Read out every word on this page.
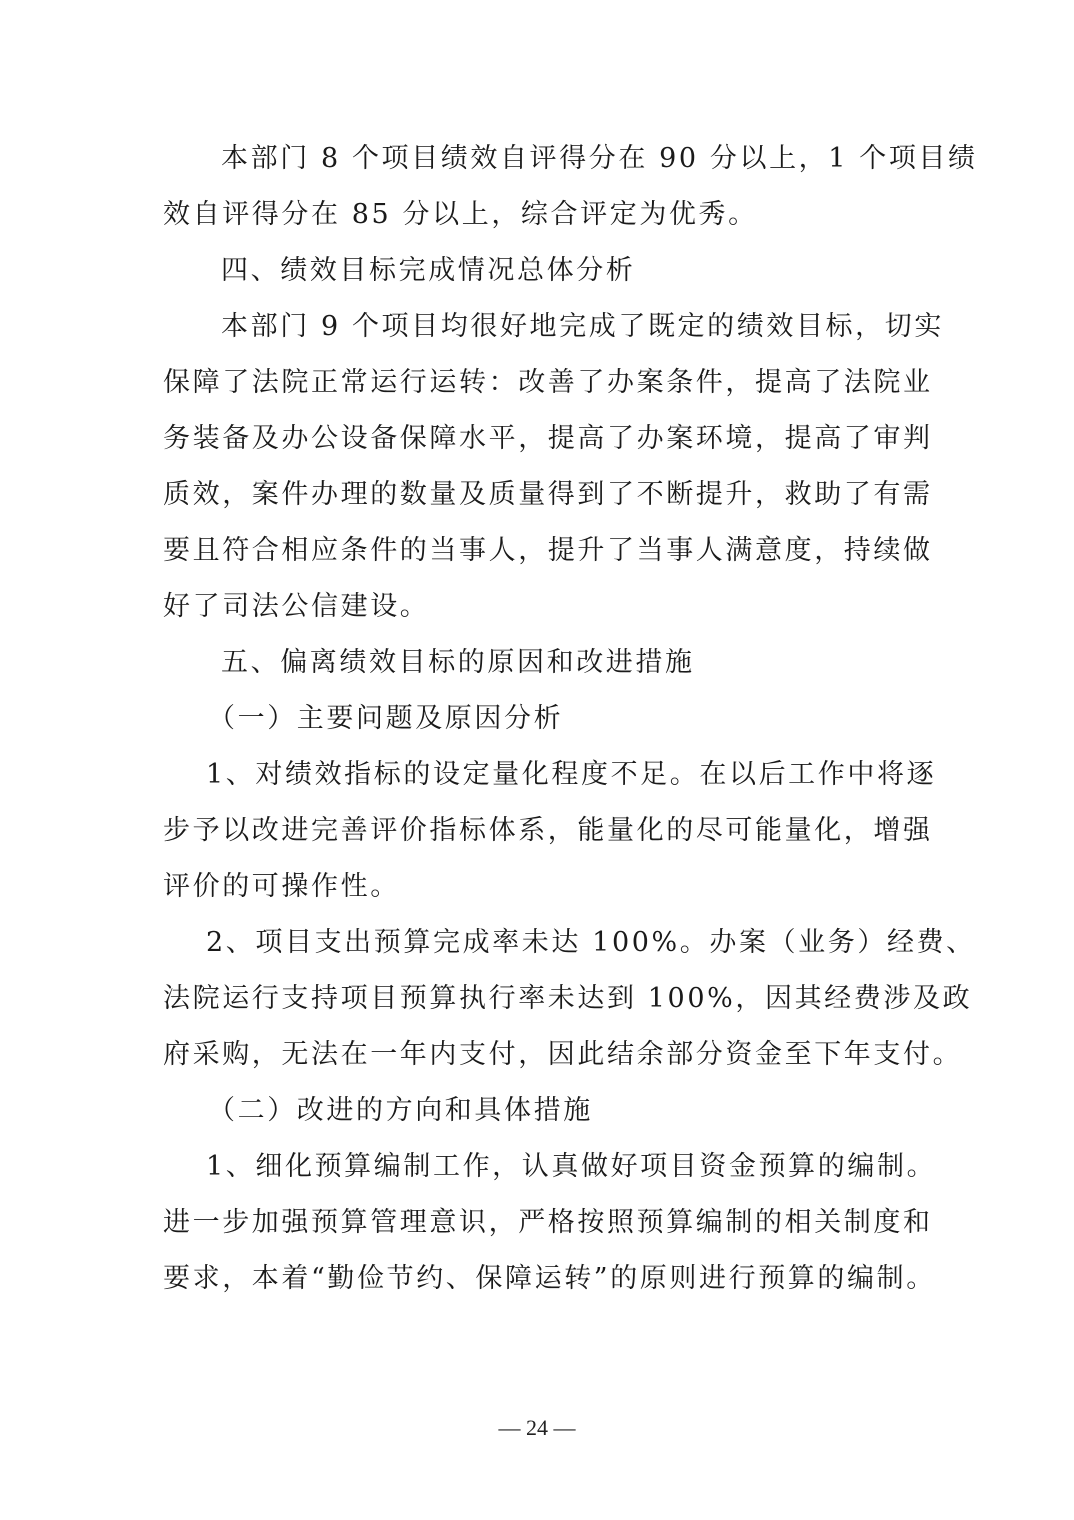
本部门 8 个项目绩效自评得分在 90 分以上，1 个项目绩
效自评得分在 85 分以上，综合评定为优秀。
四、绩效目标完成情况总体分析
本部门 9 个项目均很好地完成了既定的绩效目标，切实
保障了法院正常运行运转：改善了办案条件，提高了法院业
务装备及办公设备保障水平，提高了办案环境，提高了审判
质效，案件办理的数量及质量得到了不断提升，救助了有需
要且符合相应条件的当事人，提升了当事人满意度，持续做
好了司法公信建设。
五、偏离绩效目标的原因和改进措施
（一）主要问题及原因分析
1、对绩效指标的设定量化程度不足。在以后工作中将逐
步予以改进完善评价指标体系，能量化的尽可能量化，增强
评价的可操作性。
2、项目支出预算完成率未达 100%。办案（业务）经费、
法院运行支持项目预算执行率未达到 100%，因其经费涉及政
府采购，无法在一年内支付，因此结余部分资金至下年支付。
（二）改进的方向和具体措施
1、细化预算编制工作，认真做好项目资金预算的编制。
进一步加强预算管理意识，严格按照预算编制的相关制度和
要求，本着“勤俭节约、保障运转”的原则进行预算的编制。
— 24 —
